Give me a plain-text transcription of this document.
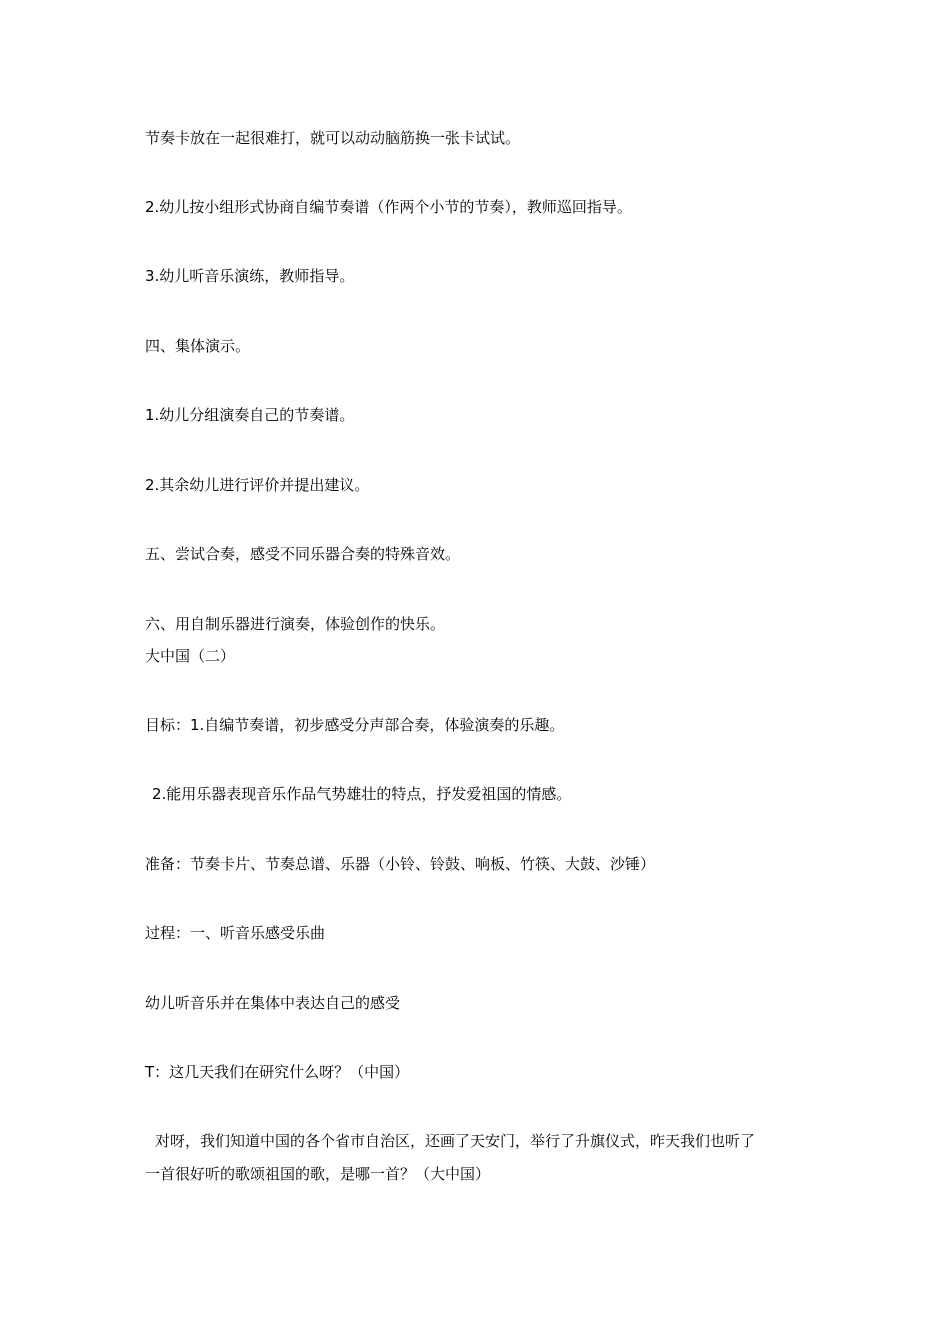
节奏卡放在一起很难打，就可以动动脑筋换一张卡试试。

2.幼儿按小组形式协商自编节奏谱（作两个小节的节奏），教师巡回指导。

3.幼儿听音乐演练，教师指导。

四、集体演示。

1.幼儿分组演奏自己的节奏谱。

2.其余幼儿进行评价并提出建议。

五、尝试合奏，感受不同乐器合奏的特殊音效。

六、用自制乐器进行演奏，体验创作的快乐。

大中国（二）

目标：1.自编节奏谱，初步感受分声部合奏，体验演奏的乐趣。

2.能用乐器表现音乐作品气势雄壮的特点，抒发爱祖国的情感。

准备：节奏卡片、节奏总谱、乐器（小铃、铃鼓、响板、竹筷、大鼓、沙锤）

过程：一、听音乐感受乐曲

幼儿听音乐并在集体中表达自己的感受

T：这几天我们在研究什么呀？（中国）

对呀，我们知道中国的各个省市自治区，还画了天安门，举行了升旗仪式，昨天我们也听了

一首很好听的歌颂祖国的歌，是哪一首？（大中国）
